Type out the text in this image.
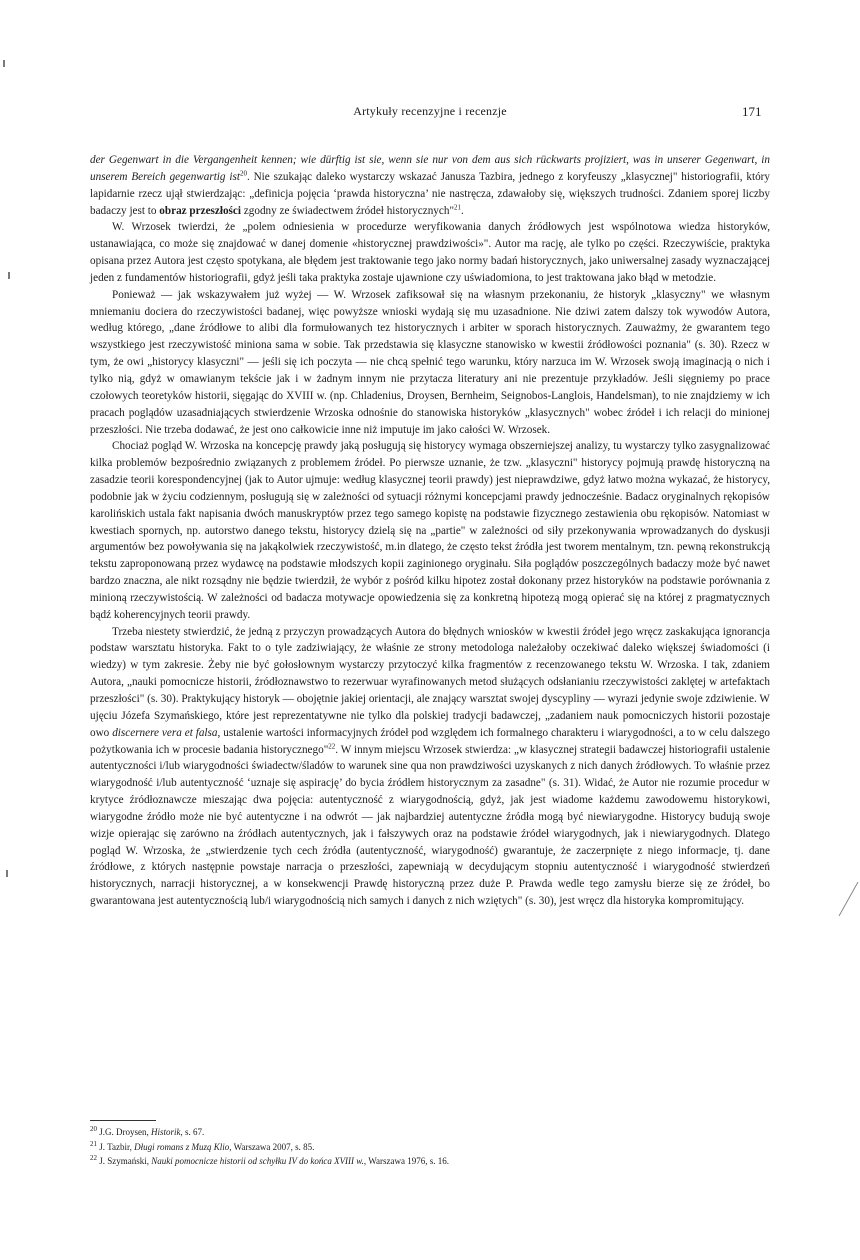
Artykuły recenzyjne i recenzje	171

der Gegenwart in die Vergangenheit kennen; wie dürftig ist sie, wenn sie nur von dem aus sich rückwarts projiziert, was in unserer Gegenwart, in unserem Bereich gegenwartig ist$^{20}$. Nie szukając daleko wystarczy wskazać Janusza Tazbira, jednego z koryfeuszy „klasycznej" historiografii, który lapidarnie rzecz ujął stwierdzając: „definicja pojęcia ‘prawda historyczna’ nie nastręcza, zdawałoby się, większych trudności. Zdaniem sporej liczby badaczy jest to obraz przeszłości zgodny ze świadectwem źródeł historycznych"$^{21}$.

W. Wrzosek twierdzi, że „polem odniesienia w procedurze weryfikowania danych źródłowych jest wspólnotowa wiedza historyków, ustanawiająca, co może się znajdować w danej domenie «historycznej prawdziwości»". Autor ma rację, ale tylko po części. Rzeczywiście, praktyka opisana przez Autora jest często spotykana, ale błędem jest traktowanie tego jako normy badań historycznych, jako uniwersalnej zasady wyznaczającej jeden z fundamentów historiografii, gdyż jeśli taka praktyka zostaje ujawnione czy uświadomiona, to jest traktowana jako błąd w metodzie.

Ponieważ — jak wskazywałem już wyżej — W. Wrzosek zafiksował się na własnym przekonaniu, że historyk „klasyczny" we własnym mniemaniu dociera do rzeczywistości badanej, więc powyższe wnioski wydają się mu uzasadnione. Nie dziwi zatem dalszy tok wywodów Autora, według którego, „dane źródłowe to alibi dla formułowanych tez historycznych i arbiter w sporach historycznych. Zauważmy, że gwarantem tego wszystkiego jest rzeczywistość miniona sama w sobie. Tak przedstawia się klasyczne stanowisko w kwestii źródłowości poznania" (s. 30). Rzecz w tym, że owi „historycy klasyczni" — jeśli się ich poczyta — nie chcą spełnić tego warunku, który narzuca im W. Wrzosek swoją imaginacją o nich i tylko nią, gdyż w omawianym tekście jak i w żadnym innym nie przytacza literatury ani nie prezentuje przykładów. Jeśli sięgniemy po prace czołowych teoretyków historii, sięgając do XVIII w. (np. Chladenius, Droysen, Bernheim, Seignobos-Langlois, Handelsman), to nie znajdziemy w ich pracach poglądów uzasadniających stwierdzenie Wrzoska odnośnie do stanowiska historyków „klasycznych" wobec źródeł i ich relacji do minionej przeszłości. Nie trzeba dodawać, że jest ono całkowicie inne niż imputuje im jako całości W. Wrzosek.

Chociaż pogląd W. Wrzoska na koncepcję prawdy jaką posługują się historycy wymaga obszerniejszej analizy, tu wystarczy tylko zasygnalizować kilka problemów bezpośrednio związanych z problemem źródeł. Po pierwsze uznanie, że tzw. „klasyczni" historycy pojmują prawdę historyczną na zasadzie teorii korespondencyjnej (jak to Autor ujmuje: według klasycznej teorii prawdy) jest nieprawdziwe, gdyż łatwo można wykazać, że historycy, podobnie jak w życiu codziennym, posługują się w zależności od sytuacji różnymi koncepcjami prawdy jednocześnie. Badacz oryginalnych rękopisów karolińskich ustala fakt napisania dwóch manuskryptów przez tego samego kopistę na podstawie fizycznego zestawienia obu rękopisów. Natomiast w kwestiach spornych, np. autorstwo danego tekstu, historycy dzielą się na „partie" w zależności od siły przekonywania wprowadzanych do dyskusji argumentów bez powoływania się na jakąkolwiek rzeczywistość, m.in dlatego, że często tekst źródła jest tworem mentalnym, tzn. pewną rekonstrukcją tekstu zaproponowaną przez wydawcę na podstawie młodszych kopii zaginionego oryginału. Siła poglądów poszczególnych badaczy może być nawet bardzo znaczna, ale nikt rozsądny nie będzie twierdził, że wybór z pośród kilku hipotez został dokonany przez historyków na podstawie porównania z minioną rzeczywistością. W zależności od badacza motywacje opowiedzenia się za konkretną hipotezą mogą opierać się na której z pragmatycznych bądź koherencyjnych teorii prawdy.

Trzeba niestety stwierdzić, że jedną z przyczyn prowadzących Autora do błędnych wniosków w kwestii źródeł jego wręcz zaskakująca ignorancja podstaw warsztatu historyka. Fakt to o tyle zadziwiający, że właśnie ze strony metodologa należałoby oczekiwać daleko większej świadomości (i wiedzy) w tym zakresie. Żeby nie być gołosłownym wystarczy przytoczyć kilka fragmentów z recenzowanego tekstu W. Wrzoska. I tak, zdaniem Autora, „nauki pomocnicze historii, źródłoznawstwo to rezerwuar wyrafinowanych metod służących odsłanianiu rzeczywistości zaklętej w artefaktach przeszłości" (s. 30). Praktykujący historyk — obojętnie jakiej orientacji, ale znający warsztat swojej dyscypliny — wyrazi jedynie swoje zdziwienie. W ujęciu Józefa Szymańskiego, które jest reprezentatywne nie tylko dla polskiej tradycji badawczej, „zadaniem nauk pomocniczych historii pozostaje owo discernere vera et falsa, ustalenie wartości informacyjnych źródeł pod względem ich formalnego charakteru i wiarygodności, a to w celu dalszego pożytkowania ich w procesie badania historycznego"$^{22}$. W innym miejscu Wrzosek stwierdza: „w klasycznej strategii badawczej historiografii ustalenie autentyczności i/lub wiarygodności świadectw/śladów to warunek sine qua non prawdziwości uzyskanych z nich danych źródłowych. To właśnie przez wiarygodność i/lub autentyczność ‘uznaje się aspirację’ do bycia źródłem historycznym za zasadne" (s. 31). Widać, że Autor nie rozumie procedur w krytyce źródłoznawcze mieszając dwa pojęcia: autentyczność z wiarygodnością, gdyż, jak jest wiadome każdemu zawodowemu historykowi, wiarygodne źródło może nie być autentyczne i na odwrót — jak najbardziej autentyczne źródła mogą być niewiarygodne. Historycy budują swoje wizje opierając się zarówno na źródłach autentycznych, jak i fałszywych oraz na podstawie źródeł wiarygodnych, jak i niewiarygodnych. Dlatego pogląd W. Wrzoska, że „stwierdzenie tych cech źródła (autentyczność, wiarygodność) gwarantuje, że zaczerpnięte z niego informacje, tj. dane źródłowe, z których następnie powstaje narracja o przeszłości, zapewniają w decydującym stopniu autentyczność i wiarygodność stwierdzeń historycznych, narracji historycznej, a w konsekwencji Prawdę historyczną przez duże P. Prawda wedle tego zamysłu bierze się ze źródeł, bo gwarantowana jest autentycznością lub/i wiarygodnością nich samych i danych z nich wziętych" (s. 30), jest wręcz dla historyka kompromitujący.

$^{20}$ J.G. Droysen, Historik, s. 67.
$^{21}$ J. Tazbir, Długi romans z Muzą Klio, Warszawa 2007, s. 85.
$^{22}$ J. Szymański, Nauki pomocnicze historii od schyłku IV do końca XVIII w., Warszawa 1976, s. 16.
